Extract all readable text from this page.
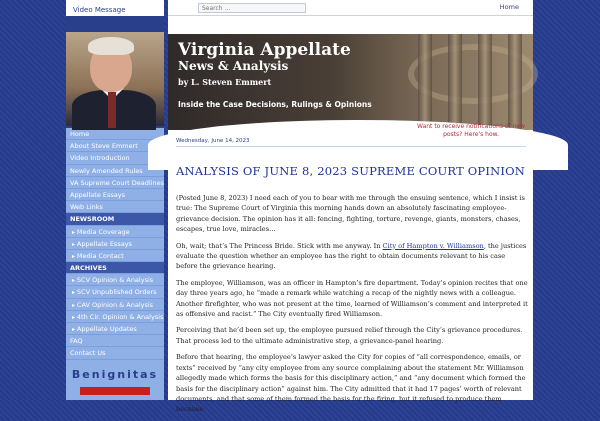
Video Message
Home
About Steve Emmert
Video Introduction
Newly Amended Rules
VA Supreme Court Deadlines
Appellate Essays
Web Links
NEWSROOM
▸ Media Coverage
▸ Appellate Essays
▸ Media Contact
ARCHIVES
▸ SCV Opinion & Analysis
▸ SCV Unpublished Orders
▸ CAV Opinion & Analysis
▸ 4th Cir. Opinion & Analysis
▸ Appellate Updates
FAQ
Contact Us
Benignitas
Search ...
Home
Virginia Appellate
News & Analysis
by L. Steven Emmert
Inside the Case Decisions, Rulings & Opinions
Want to receive notifications of new posts? Here's how.
Wednesday, June 14, 2023
ANALYSIS OF JUNE 8, 2023 SUPREME COURT OPINION

(Posted June 8, 2023) I need each of you to bear with me through the ensuing sentence, which I insist is true: The Supreme Court of Virginia this morning hands down an absolutely fascinating employee-grievance decision. The opinion has it all: fencing, fighting, torture, revenge, giants, monsters, chases, escapes, true love, miracles…

Oh, wait; that’s The Princess Bride. Stick with me anyway. In City of Hampton v. Williamson, the justices evaluate the question whether an employee has the right to obtain documents relevant to his case before the grievance hearing.

The employee, Williamson, was an officer in Hampton’s fire department. Today’s opinion recites that one day three years ago, he “made a remark while watching a recap of the nightly news with a colleague. Another firefighter, who was not present at the time, learned of Williamson’s comment and interpreted it as offensive and racist.” The City eventually fired Williamson.

Perceiving that he’d been set up, the employee pursued relief through the City’s grievance procedures. That process led to the ultimate administrative step, a grievance-panel hearing.

Before that hearing, the employee’s lawyer asked the City for copies of “all correspondence, emails, or texts” received by “any city employee from any source complaining about the statement Mr. Williamson allegedly made which forms the basis for this disciplinary action,” and “any document which formed the basis for the disciplinary action” against him. The City admitted that it had 17 pages’ worth of relevant documents, and that some of them formed the basis for the firing, but it refused to produce them because
